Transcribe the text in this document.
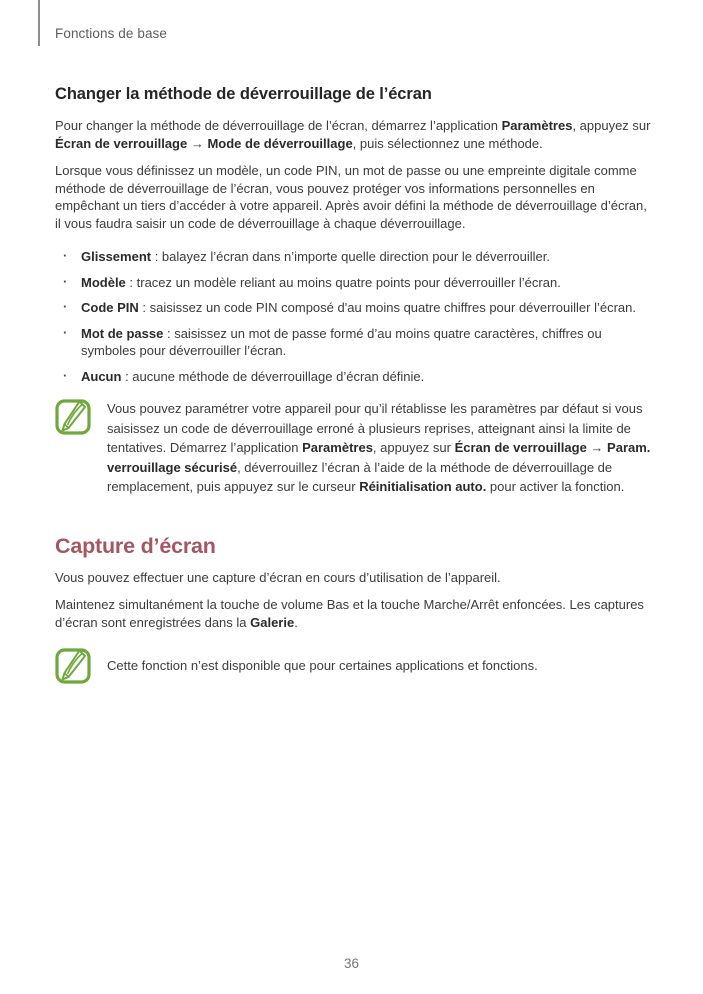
Fonctions de base
Changer la méthode de déverrouillage de l’écran

Pour changer la méthode de déverrouillage de l’écran, démarrez l’application Paramètres, appuyez sur Écran de verrouillage → Mode de déverrouillage, puis sélectionnez une méthode.

Lorsque vous définissez un modèle, un code PIN, un mot de passe ou une empreinte digitale comme méthode de déverrouillage de l’écran, vous pouvez protéger vos informations personnelles en empêchant un tiers d’accéder à votre appareil. Après avoir défini la méthode de déverrouillage d’écran, il vous faudra saisir un code de déverrouillage à chaque déverrouillage.

· Glissement : balayez l’écran dans n’importe quelle direction pour le déverrouiller.
· Modèle : tracez un modèle reliant au moins quatre points pour déverrouiller l’écran.
· Code PIN : saisissez un code PIN composé d'au moins quatre chiffres pour déverrouiller l’écran.
· Mot de passe : saisissez un mot de passe formé d’au moins quatre caractères, chiffres ou symboles pour déverrouiller l’écran.
· Aucun : aucune méthode de déverrouillage d’écran définie.
Vous pouvez paramétrer votre appareil pour qu’il rétablisse les paramètres par défaut si vous saisissez un code de déverrouillage erroné à plusieurs reprises, atteignant ainsi la limite de tentatives. Démarrez l’application Paramètres, appuyez sur Écran de verrouillage → Param. verrouillage sécurisé, déverrouillez l’écran à l’aide de la méthode de déverrouillage de remplacement, puis appuyez sur le curseur Réinitialisation auto. pour activer la fonction.
Capture d’écran

Vous pouvez effectuer une capture d’écran en cours d’utilisation de l’appareil.

Maintenez simultanément la touche de volume Bas et la touche Marche/Arrêt enfoncées. Les captures d’écran sont enregistrées dans la Galerie.

Cette fonction n’est disponible que pour certaines applications et fonctions.
36
